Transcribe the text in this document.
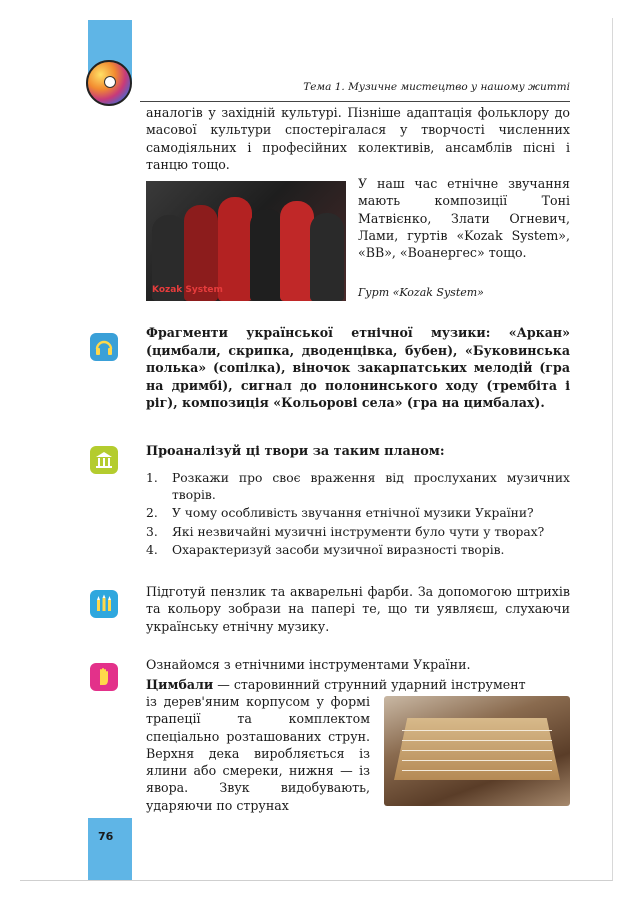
Тема 1. Музичне мистецтво у нашому житті
аналогів у західній культурі. Пізніше адаптація фольклору до масової культури спостерігалася у творчості численних самодіяльних і професійних колективів, ансамблів пісні і танцю тощо.
Kozak System
У наш час етнічне звучання мають композиції Тоні Матвієнко, Злати Огневич, Лами, гуртів «Kozak System», «ВВ», «Воанергес» тощо.
Гурт «Kozak System»
Фрагменти української етнічної музики: «Аркан» (цимбали, скрипка, дводенцівка, бубен), «Буковинська полька» (сопілка), віночок закарпатських мелодій (гра на дримбі), сигнал до полонинського ходу (трембіта і ріг), композиція «Кольорові села» (гра на цимбалах).
Проаналізуй ці твори за таким планом:
1. Розкажи про своє враження від прослуханих музичних творів.
2. У чому особливість звучання етнічної музики України?
3. Які незвичайні музичні інструменти було чути у творах?
4. Охарактеризуй засоби музичної виразності творів.
Підготуй пензлик та акварельні фарби. За допомогою штрихів та кольору зобрази на папері те, що ти уявляєш, слухаючи українську етнічну музику.
Ознайомся з етнічними інструментами України.
Цимбали — старовинний струнний ударний інструмент
із дерев'яним корпусом у формі трапеції та комплектом спеціально розташованих струн. Верхня дека виробляється із ялини або смереки, нижня — із явора. Звук видобувають, ударяючи по струнах
76
